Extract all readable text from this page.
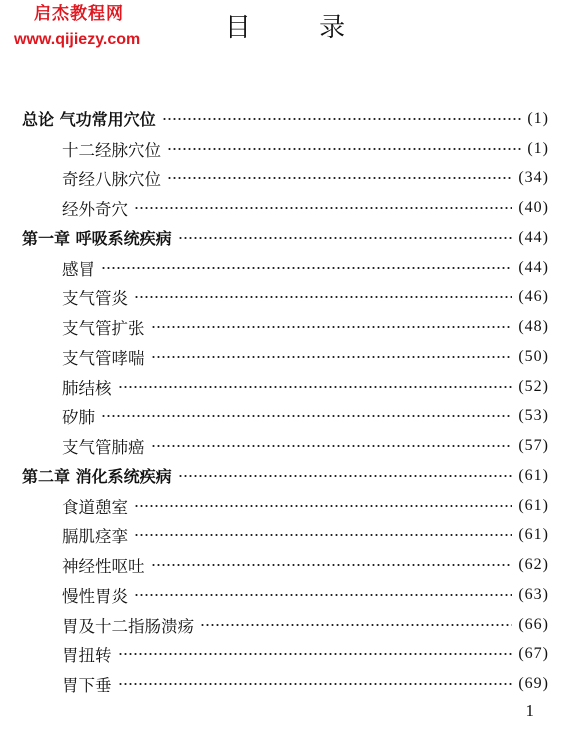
启杰教程网
www.qijiezy.com	目 录
总论 气功常用穴位	(1)
十二经脉穴位	(1)
奇经八脉穴位	(34)
经外奇穴	(40)
第一章 呼吸系统疾病	(44)
感冒	(44)
支气管炎	(46)
支气管扩张	(48)
支气管哮喘	(50)
肺结核	(52)
矽肺	(53)
支气管肺癌	(57)
第二章 消化系统疾病	(61)
食道憩室	(61)
膈肌痉挛	(61)
神经性呕吐	(62)
慢性胃炎	(63)
胃及十二指肠溃疡	(66)
胃扭转	(67)
胃下垂	(69)
1
